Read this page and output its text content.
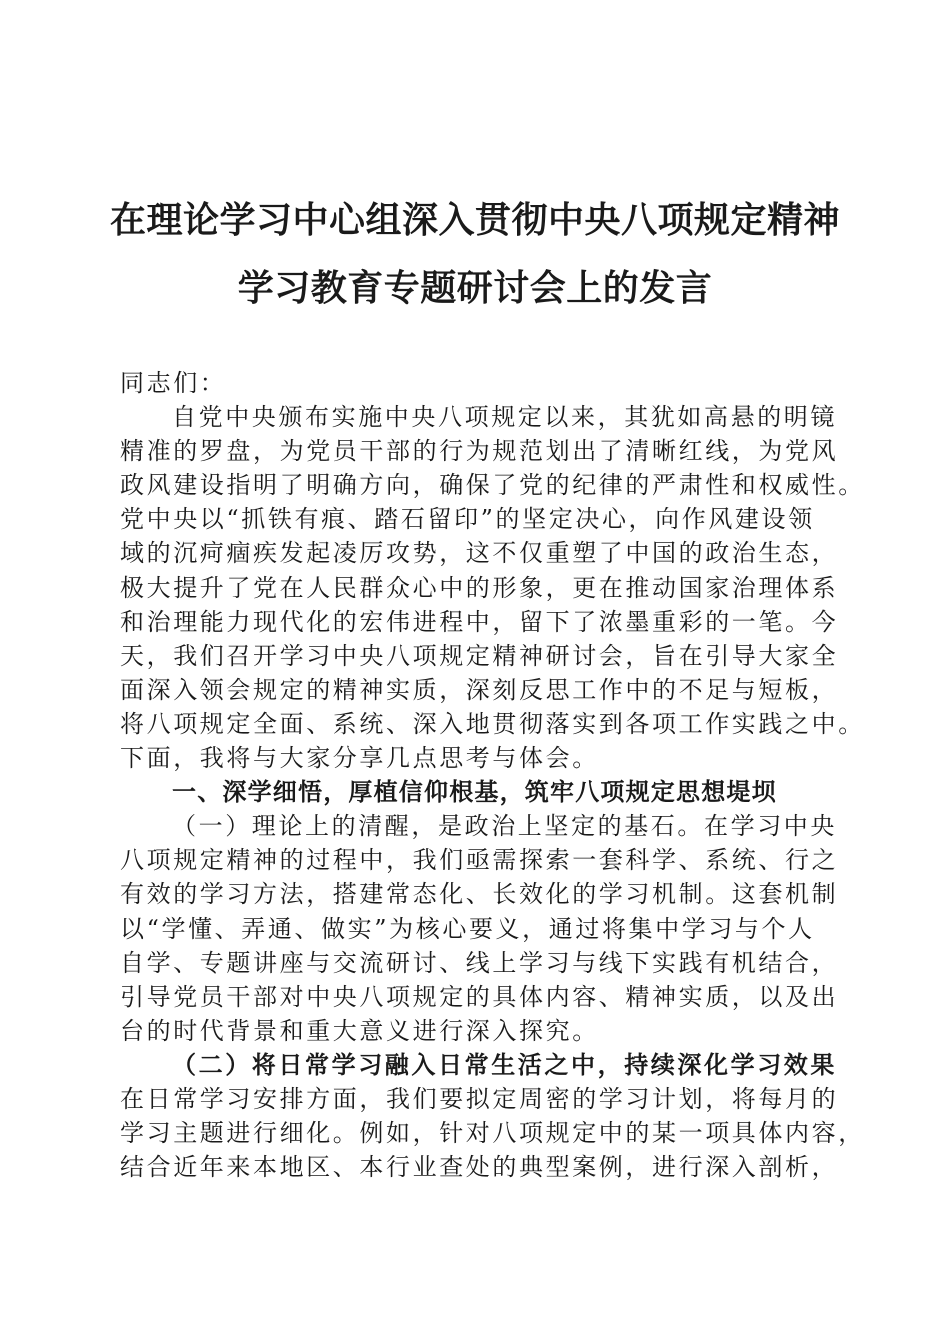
在理论学习中心组深入贯彻中央八项规定精神
学习教育专题研讨会上的发言
同志们：
自党中央颁布实施中央八项规定以来，其犹如高悬的明镜
精准的罗盘，为党员干部的行为规范划出了清晰红线，为党风
政风建设指明了明确方向，确保了党的纪律的严肃性和权威性。
党中央以“抓铁有痕、踏石留印”的坚定决心，向作风建设领
域的沉疴痼疾发起凌厉攻势，这不仅重塑了中国的政治生态，
极大提升了党在人民群众心中的形象，更在推动国家治理体系
和治理能力现代化的宏伟进程中，留下了浓墨重彩的一笔。今
天，我们召开学习中央八项规定精神研讨会，旨在引导大家全
面深入领会规定的精神实质，深刻反思工作中的不足与短板，
将八项规定全面、系统、深入地贯彻落实到各项工作实践之中。
下面，我将与大家分享几点思考与体会。
一、深学细悟，厚植信仰根基，筑牢八项规定思想堤坝
（一）理论上的清醒，是政治上坚定的基石。在学习中央
八项规定精神的过程中，我们亟需探索一套科学、系统、行之
有效的学习方法，搭建常态化、长效化的学习机制。这套机制
以“学懂、弄通、做实”为核心要义，通过将集中学习与个人
自学、专题讲座与交流研讨、线上学习与线下实践有机结合，
引导党员干部对中央八项规定的具体内容、精神实质，以及出
台的时代背景和重大意义进行深入探究。
（二）将日常学习融入日常生活之中，持续深化学习效果
在日常学习安排方面，我们要拟定周密的学习计划，将每月的
学习主题进行细化。例如，针对八项规定中的某一项具体内容，
结合近年来本地区、本行业查处的典型案例，进行深入剖析，
